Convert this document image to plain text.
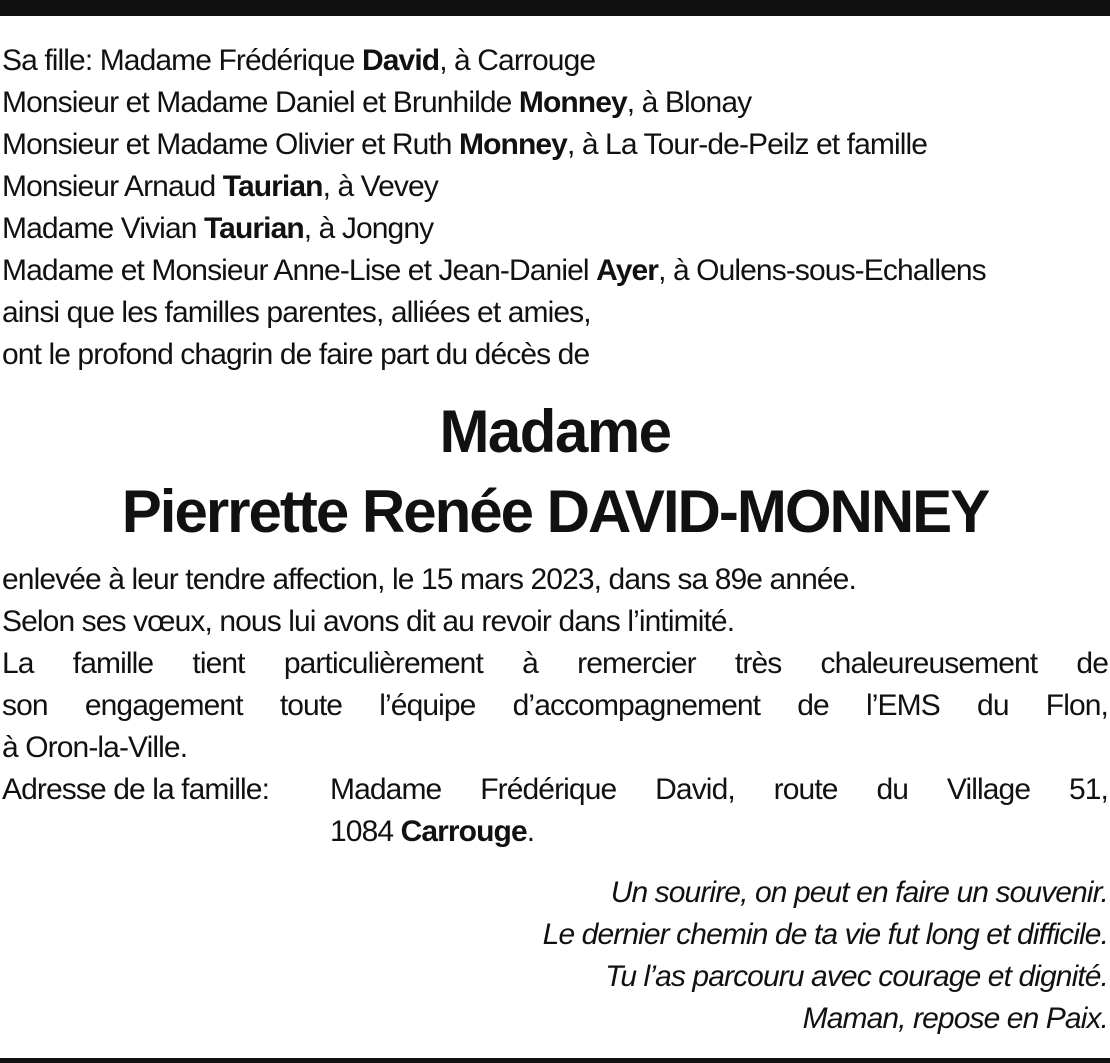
Sa fille: Madame Frédérique David, à Carrouge
Monsieur et Madame Daniel et Brunhilde Monney, à Blonay
Monsieur et Madame Olivier et Ruth Monney, à La Tour-de-Peilz et famille
Monsieur Arnaud Taurian, à Vevey
Madame Vivian Taurian, à Jongny
Madame et Monsieur Anne-Lise et Jean-Daniel Ayer, à Oulens-sous-Echallens
ainsi que les familles parentes, alliées et amies,
ont le profond chagrin de faire part du décès de
Madame
Pierrette Renée DAVID-MONNEY
enlevée à leur tendre affection, le 15 mars 2023, dans sa 89e année.
Selon ses vœux, nous lui avons dit au revoir dans l’intimité.
La famille tient particulièrement à remercier très chaleureusement de
son engagement toute l’équipe d’accompagnement de l’EMS du Flon,
à Oron-la-Ville.
Adresse de la famille:	Madame Frédérique David, route du Village 51,
1084 Carrouge.
Un sourire, on peut en faire un souvenir.
Le dernier chemin de ta vie fut long et difficile.
Tu l’as parcouru avec courage et dignité.
Maman, repose en Paix.
